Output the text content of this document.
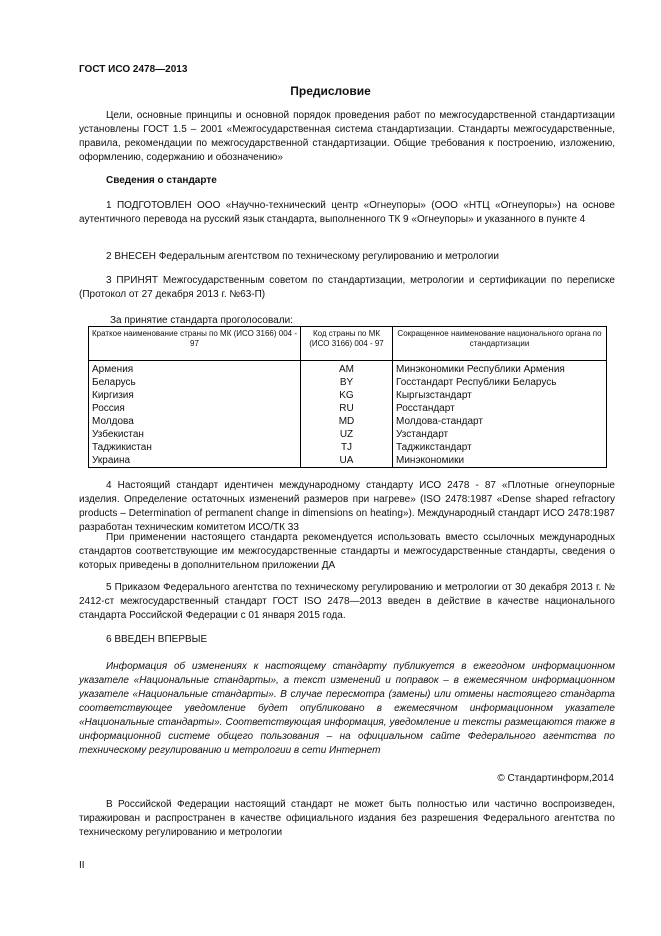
ГОСТ ИСО 2478—2013
Предисловие

Цели, основные принципы и основной порядок проведения работ по межгосударственной стандартизации установлены ГОСТ 1.5 – 2001 «Межгосударственная система стандартизации. Стандарты межгосударственные, правила, рекомендации по межгосударственной стандартизации. Общие требования к построению, изложению, оформлению, содержанию и обозначению»

Сведения о стандарте

1 ПОДГОТОВЛЕН ООО «Научно-технический центр «Огнеупоры» (ООО «НТЦ «Огнеупоры») на основе аутентичного перевода на русский язык стандарта, выполненного ТК 9 «Огнеупоры» и указанного в пункте 4

2 ВНЕСЕН Федеральным агентством по техническому регулированию и метрологии

3 ПРИНЯТ Межгосударственным советом по стандартизации, метрологии и сертификации по переписке (Протокол от 27 декабря 2013 г. №63-П)

За принятие стандарта проголосовали:
Краткое наименование страны по МК (ИСО 3166) 004 - 97	Код страны по МК (ИСО 3166) 004 - 97	Сокращенное наименование национального органа по стандартизации
Армения	AM	Минэкономики Республики Армения
Беларусь	BY	Госстандарт Республики Беларусь
Киргизия	KG	Кыргызстандарт
Россия	RU	Росстандарт
Молдова	MD	Молдова-стандарт
Узбекистан	UZ	Узстандарт
Таджикистан	TJ	Таджикстандарт
Украина	UA	Минэкономики

4 Настоящий стандарт идентичен международному стандарту ИСО 2478 - 87 «Плотные огнеупорные изделия. Определение остаточных изменений размеров при нагреве» (ISO 2478:1987 «Dense shaped refractory products – Determination of permanent change in dimensions on heating»). Международный стандарт ИСО 2478:1987 разработан техническим комитетом ИСО/ТК 33

При применении настоящего стандарта рекомендуется использовать вместо ссылочных международных стандартов соответствующие им межгосударственные стандарты и межгосударственные стандарты, сведения о которых приведены в дополнительном приложении ДА

5 Приказом Федерального агентства по техническому регулированию и метрологии от 30 декабря 2013 г. № 2412-ст межгосударственный стандарт ГОСТ ISO 2478—2013 введен в действие в качестве национального стандарта Российской Федерации с 01 января 2015 года.

6 ВВЕДЕН ВПЕРВЫЕ

Информация об изменениях к настоящему стандарту публикуется в ежегодном информационном указателе «Национальные стандарты», а текст изменений и поправок – в ежемесячном информационном указателе «Национальные стандарты». В случае пересмотра (замены) или отмены настоящего стандарта соответствующее уведомление будет опубликовано в ежемесячном информационном указателе «Национальные стандарты». Соответствующая информация, уведомление и тексты размещаются также в информационной системе общего пользования – на официальном сайте Федерального агентства по техническому регулированию и метрологии в сети Интернет

© Стандартинформ,2014

В Российской Федерации настоящий стандарт не может быть полностью или частично воспроизведен, тиражирован и распространен в качестве официального издания без разрешения Федерального агентства по техническому регулированию и метрологии

II
